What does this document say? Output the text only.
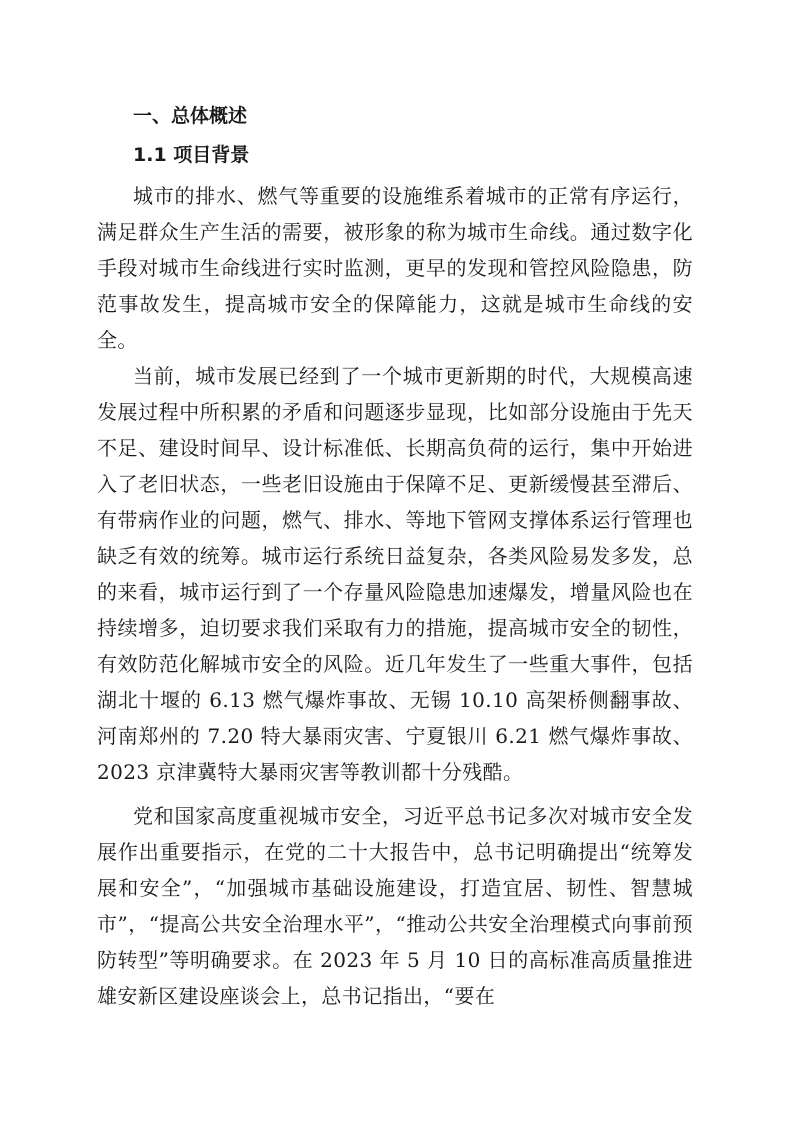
一、总体概述
1.1 项目背景

城市的排水、燃气等重要的设施维系着城市的正常有序运行，满足群众生产生活的需要，被形象的称为城市生命线。通过数字化手段对城市生命线进行实时监测，更早的发现和管控风险隐患，防范事故发生，提高城市安全的保障能力，这就是城市生命线的安全。

当前，城市发展已经到了一个城市更新期的时代，大规模高速发展过程中所积累的矛盾和问题逐步显现，比如部分设施由于先天不足、建设时间早、设计标准低、长期高负荷的运行，集中开始进入了老旧状态，一些老旧设施由于保障不足、更新缓慢甚至滞后、有带病作业的问题，燃气、排水、等地下管网支撑体系运行管理也缺乏有效的统筹。城市运行系统日益复杂，各类风险易发多发，总的来看，城市运行到了一个存量风险隐患加速爆发，增量风险也在持续增多，迫切要求我们采取有力的措施，提高城市安全的韧性，有效防范化解城市安全的风险。近几年发生了一些重大事件，包括湖北十堰的 6.13 燃气爆炸事故、无锡 10.10 高架桥侧翻事故、河南郑州的 7.20 特大暴雨灾害、宁夏银川 6.21 燃气爆炸事故、2023 京津冀特大暴雨灾害等教训都十分残酷。

党和国家高度重视城市安全，习近平总书记多次对城市安全发展作出重要指示，在党的二十大报告中，总书记明确提出“统筹发展和安全”，“加强城市基础设施建设，打造宜居、韧性、智慧城市”，“提高公共安全治理水平”，“推动公共安全治理模式向事前预防转型”等明确要求。在 2023 年 5 月 10 日的高标准高质量推进雄安新区建设座谈会上，总书记指出，“要在
